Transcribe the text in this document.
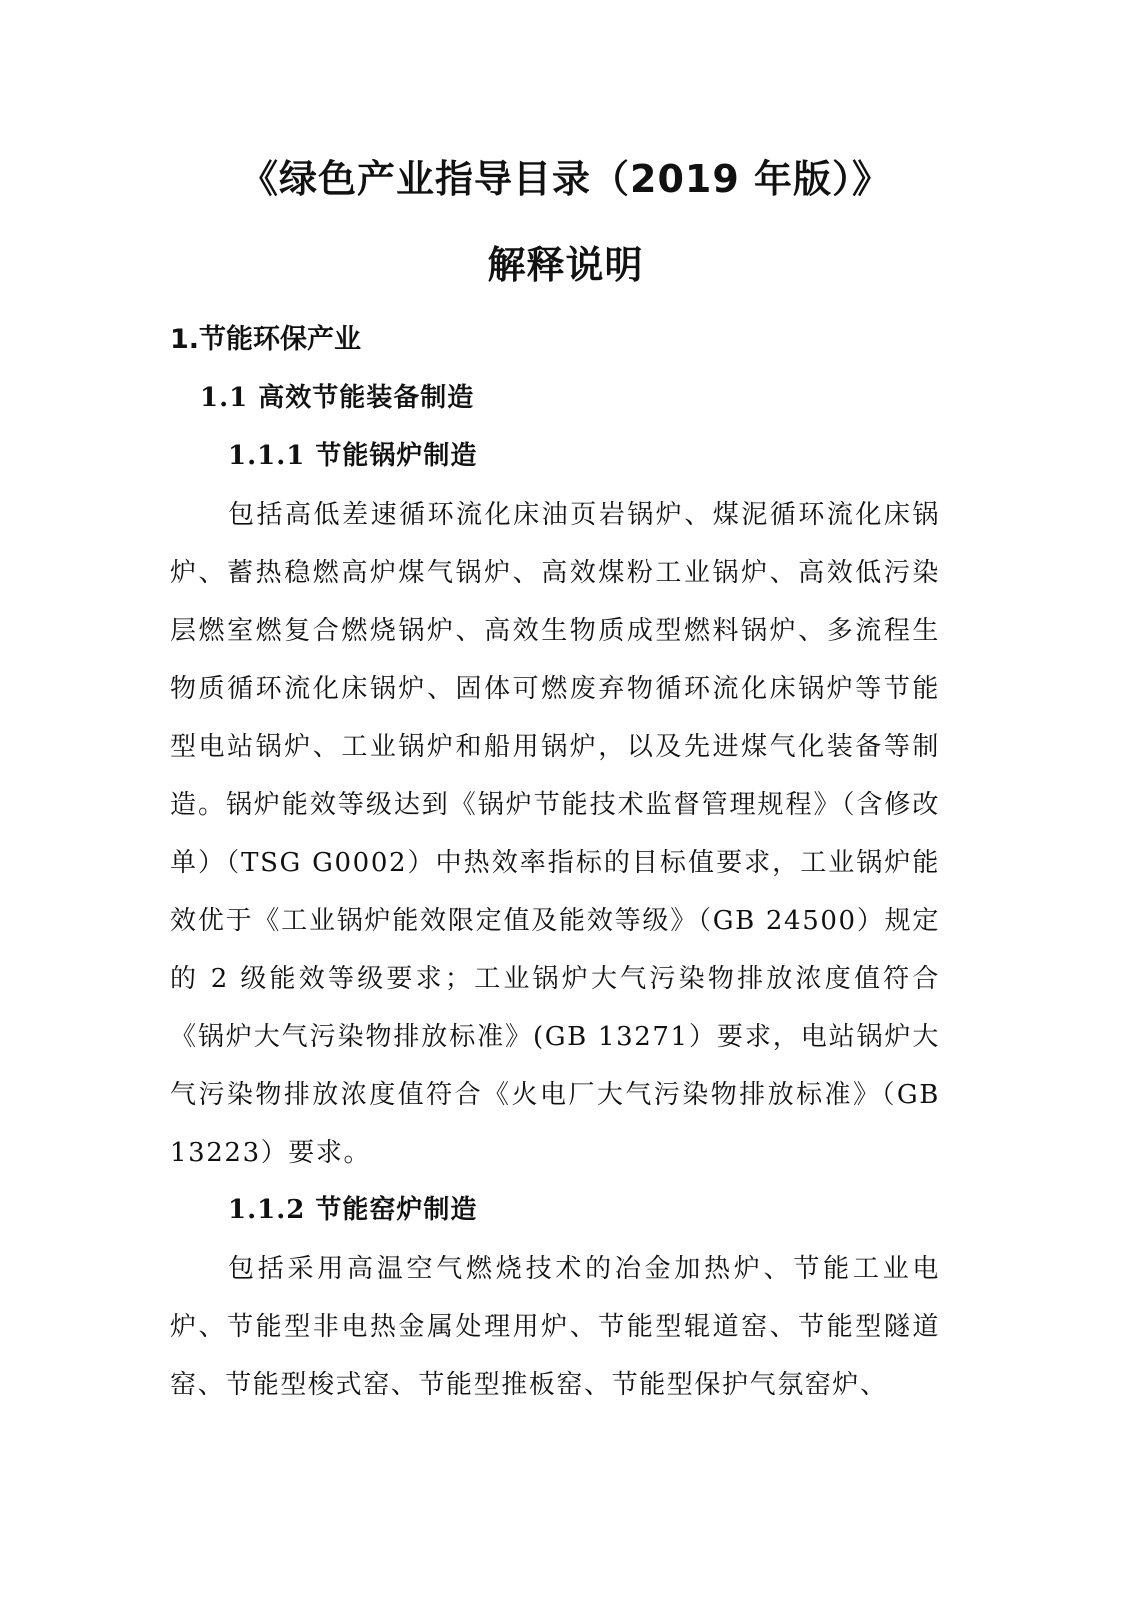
《绿色产业指导目录（2019 年版）》
解释说明
1.节能环保产业
1.1 高效节能装备制造
1.1.1 节能锅炉制造

包括高低差速循环流化床油页岩锅炉、煤泥循环流化床锅炉、蓄热稳燃高炉煤气锅炉、高效煤粉工业锅炉、高效低污染层燃室燃复合燃烧锅炉、高效生物质成型燃料锅炉、多流程生物质循环流化床锅炉、固体可燃废弃物循环流化床锅炉等节能型电站锅炉、工业锅炉和船用锅炉，以及先进煤气化装备等制造。锅炉能效等级达到《锅炉节能技术监督管理规程》（含修改单）（TSG G0002）中热效率指标的目标值要求，工业锅炉能效优于《工业锅炉能效限定值及能效等级》（GB 24500）规定的 2 级能效等级要求；工业锅炉大气污染物排放浓度值符合《锅炉大气污染物排放标准》(GB 13271）要求，电站锅炉大气污染物排放浓度值符合《火电厂大气污染物排放标准》（GB 13223）要求。

1.1.2 节能窑炉制造

包括采用高温空气燃烧技术的冶金加热炉、节能工业电炉、节能型非电热金属处理用炉、节能型辊道窑、节能型隧道窑、节能型梭式窑、节能型推板窑、节能型保护气氛窑炉、
